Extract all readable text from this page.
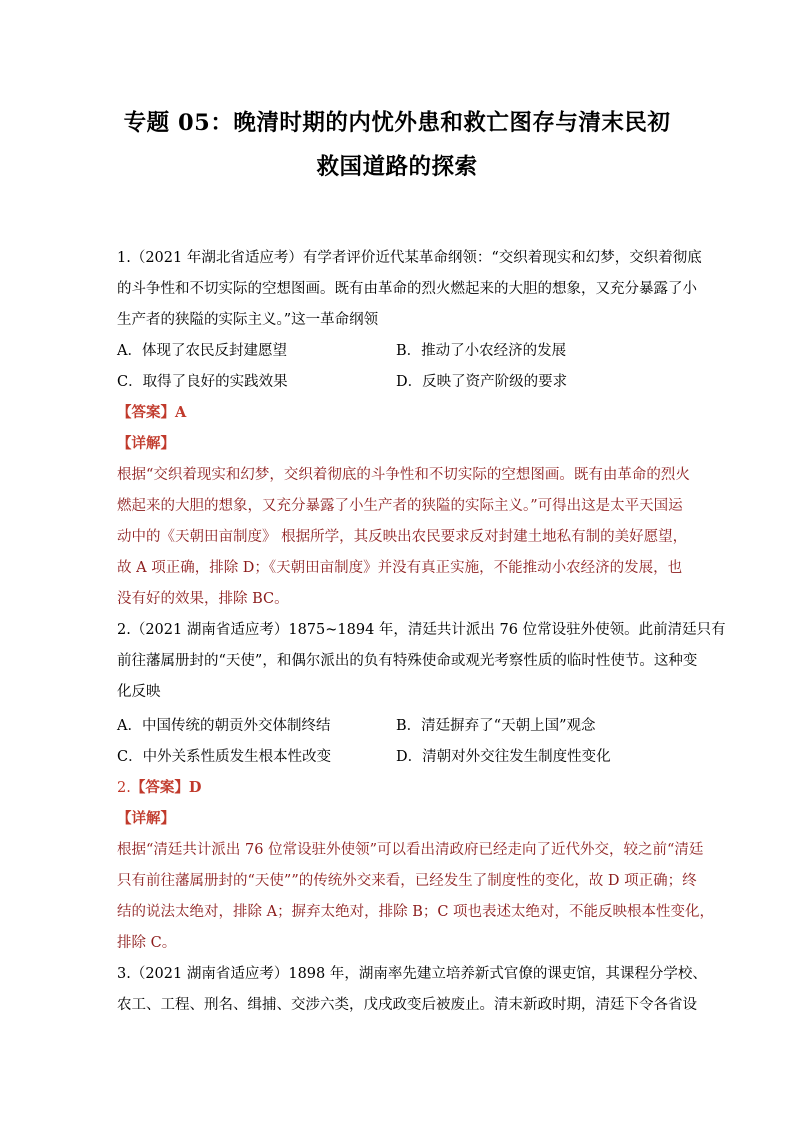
专题 05：晚清时期的内忧外患和救亡图存与清末民初
救国道路的探索
1.（2021 年湖北省适应考）有学者评价近代某革命纲领：“交织着现实和幻梦，交织着彻底
的斗争性和不切实际的空想图画。既有由革命的烈火燃起来的大胆的想象，又充分暴露了小
生产者的狭隘的实际主义。”这一革命纲领
A．体现了农民反封建愿望	B．推动了小农经济的发展
C．取得了良好的实践效果	D．反映了资产阶级的要求
【答案】A
【详解】
根据“交织着现实和幻梦，交织着彻底的斗争性和不切实际的空想图画。既有由革命的烈火
燃起来的大胆的想象，又充分暴露了小生产者的狭隘的实际主义。”可得出这是太平天国运
动中的《天朝田亩制度》 根据所学，其反映出农民要求反对封建土地私有制的美好愿望，
故 A 项正确，排除 D；《天朝田亩制度》并没有真正实施，不能推动小农经济的发展，也
没有好的效果，排除 BC。
2.（2021 湖南省适应考）1875~1894 年，清廷共计派出 76 位常设驻外使领。此前清廷只有
前往藩属册封的“天使”，和偶尔派出的负有特殊使命或观光考察性质的临时性使节。这种变
化反映
A．中国传统的朝贡外交体制终结	B．清廷摒弃了“天朝上国”观念
C．中外关系性质发生根本性改变	D．清朝对外交往发生制度性变化
2.【答案】D
【详解】
根据“清廷共计派出 76 位常设驻外使领”可以看出清政府已经走向了近代外交，较之前“清廷
只有前往藩属册封的“天使””的传统外交来看，已经发生了制度性的变化，故 D 项正确；终
结的说法太绝对，排除 A；摒弃太绝对，排除 B；C 项也表述太绝对，不能反映根本性变化，
排除 C。
3.（2021 湖南省适应考）1898 年，湖南率先建立培养新式官僚的课吏馆，其课程分学校、
农工、工程、刑名、缉捕、交涉六类，戊戌政变后被废止。清末新政时期，清廷下令各省设
